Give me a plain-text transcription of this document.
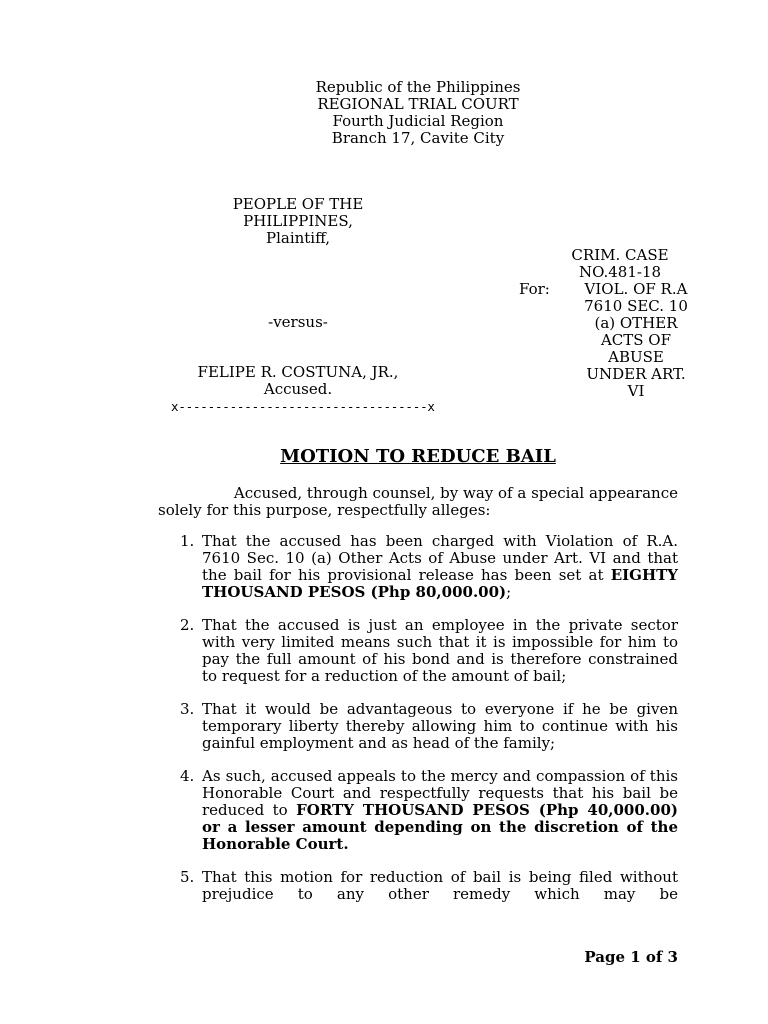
Republic of the Philippines
REGIONAL TRIAL COURT
Fourth Judicial Region
Branch 17, Cavite City
PEOPLE OF THE
PHILIPPINES,
Plaintiff,
-versus-
FELIPE R. COSTUNA, JR.,
Accused.
x----------------------------------x
CRIM. CASE
NO.481-18
For:	VIOL. OF R.A
7610 SEC. 10
(a) OTHER
ACTS OF
ABUSE
UNDER ART.
VI
MOTION TO REDUCE BAIL
Accused, through counsel, by way of a special appearance
solely for this purpose, respectfully alleges:
1. That the accused has been charged with Violation of R.A. 7610 Sec. 10 (a) Other Acts of Abuse under Art. VI and that the bail for his provisional release has been set at EIGHTY THOUSAND PESOS (Php 80,000.00);
2. That the accused is just an employee in the private sector with very limited means such that it is impossible for him to pay the full amount of his bond and is therefore constrained to request for a reduction of the amount of bail;
3. That it would be advantageous to everyone if he be given temporary liberty thereby allowing him to continue with his gainful employment and as head of the family;
4. As such, accused appeals to the mercy and compassion of this Honorable Court and respectfully requests that his bail be reduced to FORTY THOUSAND PESOS (Php 40,000.00) or a lesser amount depending on the discretion of the Honorable Court.
5. That this motion for reduction of bail is being filed without prejudice to any other remedy which may be
Page 1 of 3
